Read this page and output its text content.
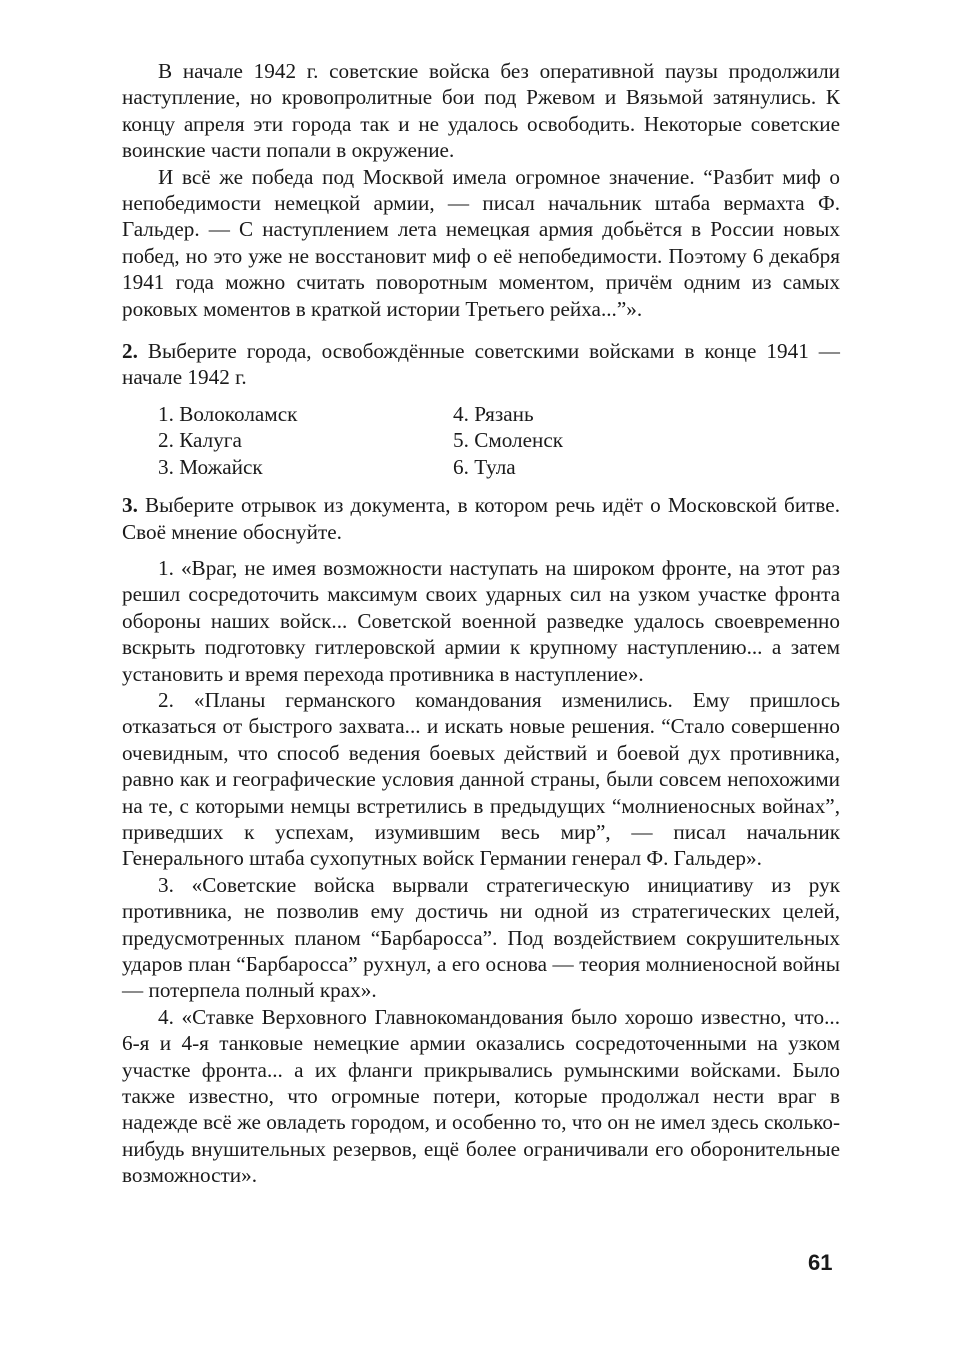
В начале 1942 г. советские войска без оперативной паузы продолжили наступление, но кровопролитные бои под Ржевом и Вязьмой затянулись. К концу апреля эти города так и не удалось освободить. Некоторые советские воинские части попали в окружение.

И всё же победа под Москвой имела огромное значение. “Разбит миф о непобедимости немецкой армии, — писал начальник штаба вермахта Ф. Гальдер. — С наступлением лета немецкая армия добьётся в России новых побед, но это уже не восстановит миф о её непобедимости. Поэтому 6 декабря 1941 года можно считать поворотным моментом, причём одним из самых роковых моментов в краткой истории Третьего рейха...”».

2. Выберите города, освобождённые советскими войсками в конце 1941 — начале 1942 г.

1. Волоколамск	4. Рязань
2. Калуга	5. Смоленск
3. Можайск	6. Тула

3. Выберите отрывок из документа, в котором речь идёт о Московской битве. Своё мнение обоснуйте.

1. «Враг, не имея возможности наступать на широком фронте, на этот раз решил сосредоточить максимум своих ударных сил на узком участке фронта обороны наших войск... Советской военной разведке удалось своевременно вскрыть подготовку гитлеровской армии к крупному наступлению... а затем установить и время перехода противника в наступление».

2. «Планы германского командования изменились. Ему пришлось отказаться от быстрого захвата... и искать новые решения. “Стало совершенно очевидным, что способ ведения боевых действий и боевой дух противника, равно как и географические условия данной страны, были совсем непохожими на те, с которыми немцы встретились в предыдущих “молниеносных войнах”, приведших к успехам, изумившим весь мир”, — писал начальник Генерального штаба сухопутных войск Германии генерал Ф. Гальдер».

3. «Советские войска вырвали стратегическую инициативу из рук противника, не позволив ему достичь ни одной из стратегических целей, предусмотренных планом “Барбаросса”. Под воздействием сокрушительных ударов план “Барбаросса” рухнул, а его основа — теория молниеносной войны — потерпела полный крах».

4. «Ставке Верховного Главнокомандования было хорошо известно, что... 6-я и 4-я танковые немецкие армии оказались сосредоточенными на узком участке фронта... а их фланги прикрывались румынскими войсками. Было также известно, что огромные потери, которые продолжал нести враг в надежде всё же овладеть городом, и особенно то, что он не имел здесь сколько-нибудь внушительных резервов, ещё более ограничивали его оборонительные возможности».

61
